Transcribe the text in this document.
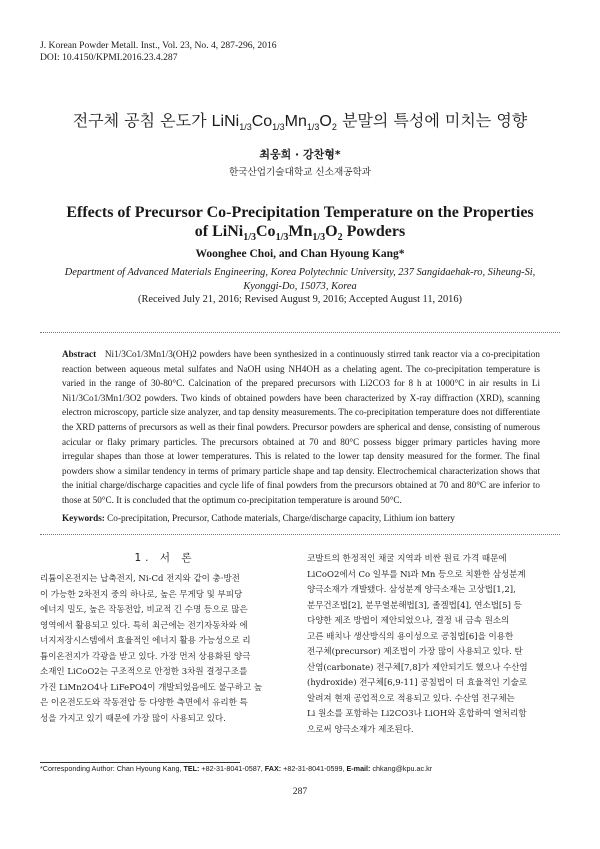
J. Korean Powder Metall. Inst., Vol. 23, No. 4, 287-296, 2016
DOI: 10.4150/KPMI.2016.23.4.287
전구체 공침 온도가 $LiNi_{1/3}Co_{1/3}Mn_{1/3}O_2$ 분말의 특성에 미치는 영향
최웅희 · 강찬형*
한국산업기술대학교 신소재공학과
Effects of Precursor Co-Precipitation Temperature on the Properties
of $LiNi_{1/3}Co_{1/3}Mn_{1/3}O_2$ Powders
Woonghee Choi, and Chan Hyoung Kang*
Department of Advanced Materials Engineering, Korea Polytechnic University, 237 Sangidaehak-ro, Siheung-Si, Kyonggi-Do, 15073, Korea
(Received July 21, 2016; Revised August 9, 2016; Accepted August 11, 2016)
Abstract Ni1/3Co1/3Mn1/3(OH)2 powders have been synthesized in a continuously stirred tank reactor via a co-precipitation reaction between aqueous metal sulfates and NaOH using NH4OH as a chelating agent. The co-precipitation temperature is varied in the range of 30-80°C. Calcination of the prepared precursors with Li2CO3 for 8 h at 1000°C in air results in Li Ni1/3Co1/3Mn1/3O2 powders. Two kinds of obtained powders have been characterized by X-ray diffraction (XRD), scanning electron microscopy, particle size analyzer, and tap density measurements. The co-precipitation temperature does not differentiate the XRD patterns of precursors as well as their final powders. Precursor powders are spherical and dense, consisting of numerous acicular or flaky primary particles. The precursors obtained at 70 and 80°C possess bigger primary particles having more irregular shapes than those at lower temperatures. This is related to the lower tap density measured for the former. The final powders show a similar tendency in terms of primary particle shape and tap density. Electrochemical characterization shows that the initial charge/discharge capacities and cycle life of final powders from the precursors obtained at 70 and 80°C are inferior to those at 50°C. It is concluded that the optimum co-precipitation temperature is around 50°C.
Keywords: Co-precipitation, Precursor, Cathode materials, Charge/discharge capacity, Lithium ion battery
1. 서 론
리튬이온전지는 납축전지, Ni-Cd 전지와 같이 충·방전
이 가능한 2차전지 중의 하나로, 높은 무게당 및 부피당
에너지 밀도, 높은 작동전압, 비교적 긴 수명 등으로 많은
영역에서 활용되고 있다. 특히 최근에는 전기자동차와 에
너지저장시스템에서 효율적인 에너지 활용 가능성으로 리
튬이온전지가 각광을 받고 있다. 가장 먼저 상용화된 양극
소재인 LiCoO2는 구조적으로 안정한 3차원 결정구조를
가진 LiMn2O4나 LiFePO4이 개발되었음에도 불구하고 높
은 이온전도도와 작동전압 등 다양한 측면에서 유리한 특
성을 가지고 있기 때문에 가장 많이 사용되고 있다.
코발트의 한정적인 채굴 지역과 비싼 원료 가격 때문에
LiCoO2에서 Co 일부를 Ni과 Mn 등으로 치환한 삼성분계
양극소재가 개발됐다. 삼성분계 양극소재는 고상법[1,2],
분무건조법[2], 분무열분해법[3], 졸겔법[4], 연소법[5] 등
다양한 제조 방법이 제안되었으나, 결정 내 금속 원소의
고른 배치나 생산방식의 용이성으로 공침법[6]을 이용한
전구체(precursor) 제조법이 가장 많이 사용되고 있다. 탄
산염(carbonate) 전구체[7,8]가 제안되기도 했으나 수산염
(hydroxide) 전구체[6,9-11] 공침법이 더 효율적인 기술로
알려져 현재 공업적으로 적용되고 있다. 수산염 전구체는
Li 원소를 포함하는 Li2CO3나 LiOH와 혼합하여 열처리함
으로써 양극소재가 제조된다.
*Corresponding Author: Chan Hyoung Kang, TEL: +82-31-8041-0587, FAX: +82-31-8041-0599, E-mail: chkang@kpu.ac.kr
287
